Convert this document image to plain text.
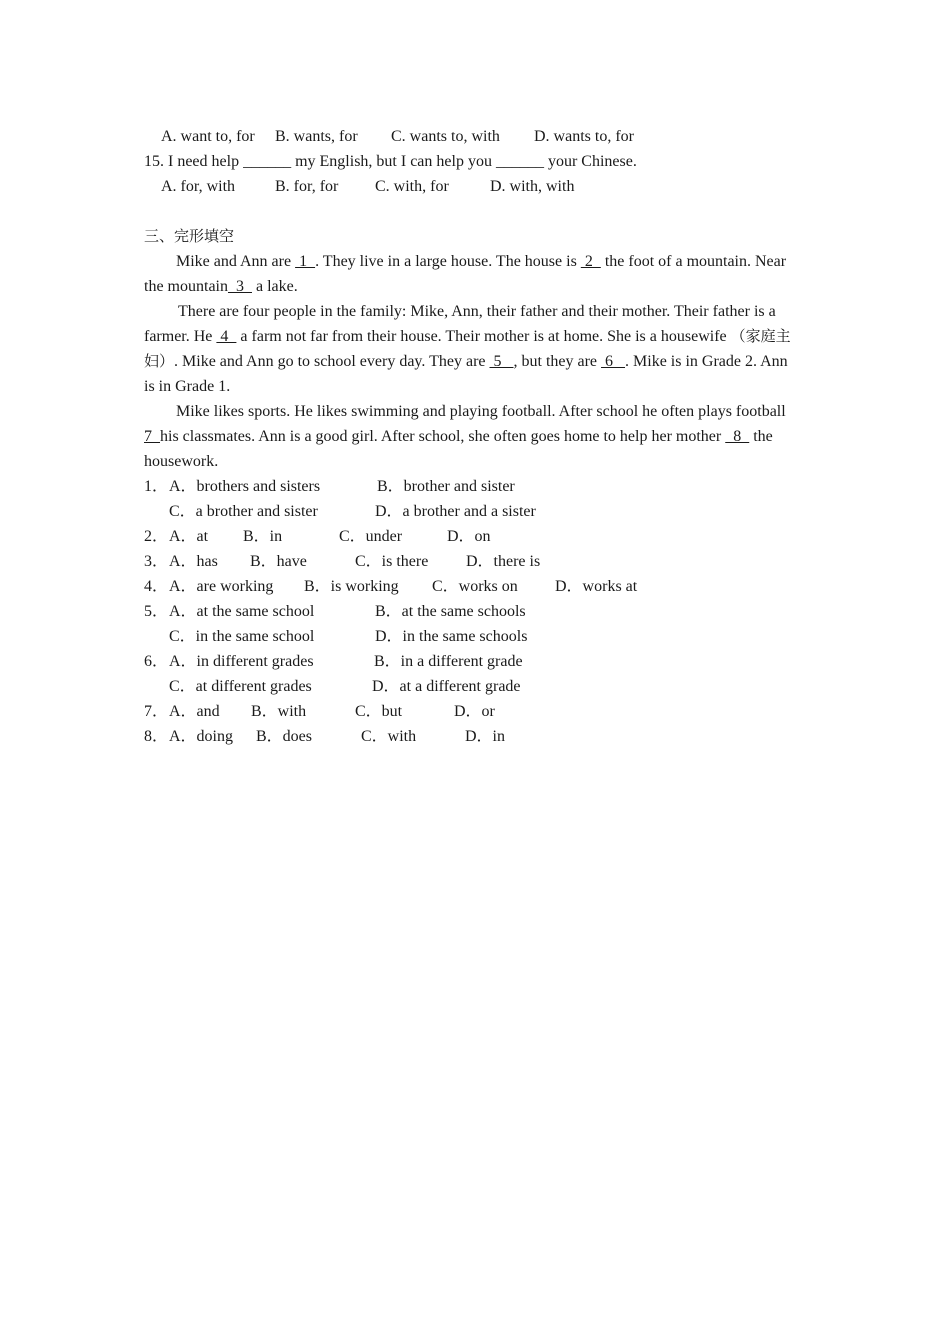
A. want to, for B. wants, for C. wants to, with D. wants to, for
15. I need help ______ my English, but I can help you ______ your Chinese.
A. for, with B. for, for C. with, for	D. with, with
三、完形填空
Mike and Ann are  1  . They live in a large house. The house is  2   the foot of a mountain. Near
the mountain  3   a lake.
There are four people in the family: Mike, Ann, their father and their mother. Their father is a
farmer. He  4   a farm not far from their house. Their mother is at home. She is a housewife （家庭主
妇）. Mike and Ann go to school every day. They are  5   , but they are  6   . Mike is in Grade 2. Ann
is in Grade 1.
Mike likes sports. He likes swimming and playing football. After school he often plays football
7  his classmates. Ann is a good girl. After school, she often goes home to help her mother   8   the
housework.
1． A．brothers and sisters	B．brother and sister
C．a brother and sister	D．a brother and a sister
2． A．at B．in	C．under	D．on
3． A．has B．have	C．is there D．there is
4． A．are working B．is working C．works on D．works at
5． A．at the same school	B．at the same schools
C．in the same school	D．in the same schools
6． A．in different grades	B．in a different grade
C．at different grades	D．at a different grade
7． A．and B．with	C．but	D．or
8． A．doing B．does	C．with	D．in
